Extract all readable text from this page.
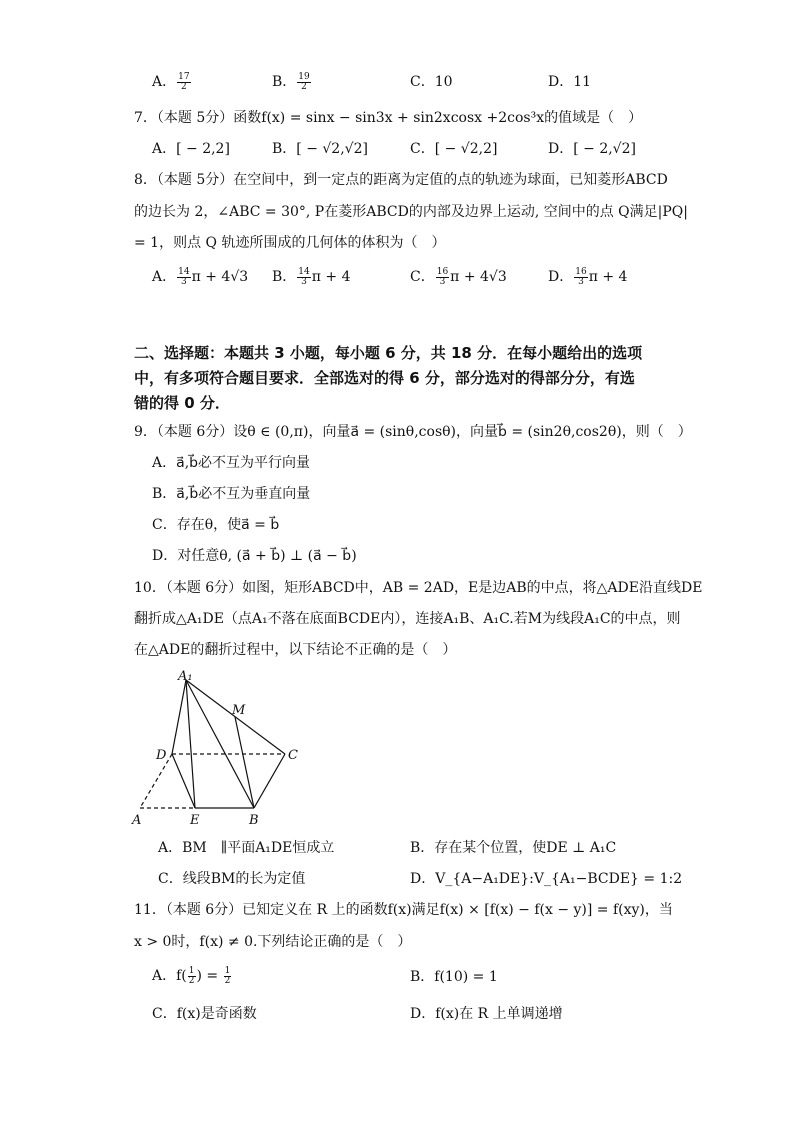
A． $\frac{17}{2}$	B． $\frac{19}{2}$	C．10	D．11
7．（本题 5分）函数f(x) = sinx − sin3x + sin2xcosx +2cos³x的值域是（　）
A．[ − 2,2]	B．[ − √2,√2]	C．[ − √2,2]	D．[ − 2,√2]
8．（本题 5分）在空间中，到一定点的距离为定值的点的轨迹为球面，已知菱形ABCD
的边长为 2，∠ABC = 30°, P在菱形ABCD的内部及边界上运动, 空间中的点 Q满足|PQ|
= 1，则点 Q 轨迹所围成的几何体的体积为（　）
A． $\frac{14}{3}$ π + 4√3 B． $\frac{14}{3}$ π + 4	C． $\frac{16}{3}$ π + 4√3	D． $\frac{16}{3}$ π + 4
二、选择题：本题共 3 小题，每小题 6 分，共 18 分．在每小题给出的选项
中，有多项符合题目要求．全部选对的得 6 分，部分选对的得部分分，有选
错的得 0 分．
9．（本题 6分）设θ ∈ (0,π)，向量a⃗ = (sinθ,cosθ)，向量b⃗ = (sin2θ,cos2θ)，则（　）
A．a⃗,b⃗必不互为平行向量
B．a⃗,b⃗必不互为垂直向量
C．存在θ，使a⃗ = b⃗
D．对任意θ, (a⃗ + b⃗) ⊥ (a⃗ − b⃗)
10．（本题 6分）如图，矩形ABCD中，AB = 2AD，E是边AB的中点，将△ADE沿直线DE
翻折成△A₁DE（点A₁不落在底面BCDE内），连接A₁B、A₁C.若M为线段A₁C的中点，则
在△ADE的翻折过程中，以下结论不正确的是（　）
A₁
M
D	C
A	E	B
A．BM　∥平面A₁DE恒成立	B．存在某个位置，使DE ⊥ A₁C
C．线段BM的长为定值	D．V_{A−A₁DE}:V_{A₁−BCDE} = 1:2
11．（本题 6分）已知定义在 R 上的函数f(x)满足f(x) × [f(x) − f(x − y)] = f(xy)，当
x > 0时，f(x) ≠ 0.下列结论正确的是（　）
A．$f( \frac{1}{2}$ ) = $\frac{1}{2}$	B．f(10) = 1
C．f(x)是奇函数	D．f(x)在 R 上单调递增
